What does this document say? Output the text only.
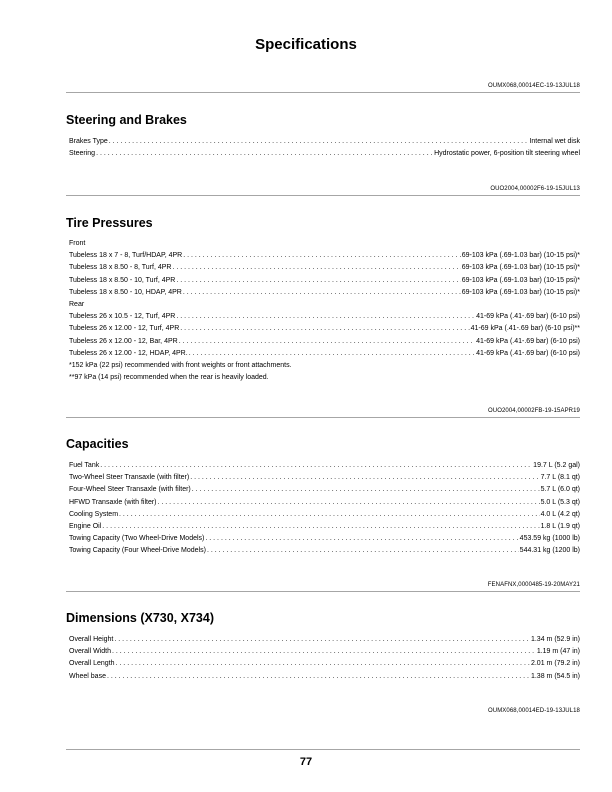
Specifications
OUMX068,00014EC-19-13JUL18
Steering and Brakes
Brakes Type . . .	Internal wet disk
Steering . . .	Hydrostatic power, 6-position tilt steering wheel
OUO2004,00002F6-19-15JUL13
Tire Pressures
Front
Tubeless 18 x 7 - 8, Turf/HDAP, 4PR . . .	69-103 kPa (.69-1.03 bar) (10-15 psi)*
Tubeless 18 x 8.50 - 8, Turf, 4PR . . .	69-103 kPa (.69-1.03 bar) (10-15 psi)*
Tubeless 18 x 8.50 - 10, Turf, 4PR . . .	69-103 kPa (.69-1.03 bar) (10-15 psi)*
Tubeless 18 x 8.50 - 10, HDAP, 4PR . . .	69-103 kPa (.69-1.03 bar) (10-15 psi)*
Rear
Tubeless 26 x 10.5 - 12, Turf, 4PR . . .	41-69 kPa (.41-.69 bar) (6-10 psi)
Tubeless 26 x 12.00 - 12, Turf, 4PR . . .	41-69 kPa (.41-.69 bar) (6-10 psi)**
Tubeless 26 x 12.00 - 12, Bar, 4PR . . .	41-69 kPa (.41-.69 bar) (6-10 psi)
Tubeless 26 x 12.00 - 12, HDAP, 4PR. . . .	41-69 kPa (.41-.69 bar) (6-10 psi)
*152 kPa (22 psi) recommended with front weights or front attachments.
**97 kPa (14 psi) recommended when the rear is heavily loaded.
OUO2004,00002FB-19-15APR19
Capacities
Fuel Tank . . .	19.7 L (5.2 gal)
Two-Wheel Steer Transaxle (with filter) . . .	7.7 L (8.1 qt)
Four-Wheel Steer Transaxle (with filter) . . .	5.7 L (6.0 qt)
HFWD Transaxle (with filter) . . .	5.0 L (5.3 qt)
Cooling System . . .	4.0 L (4.2 qt)
Engine Oil . . .	1.8 L (1.9 qt)
Towing Capacity (Two Wheel-Drive Models) . . .	453.59 kg (1000 lb)
Towing Capacity (Four Wheel-Drive Models) . . .	544.31 kg (1200 lb)
FENAFNX,0000485-19-20MAY21
Dimensions (X730, X734)
Overall Height . . .	1.34 m (52.9 in)
Overall Width . . .	1.19 m (47 in)
Overall Length . . .	2.01 m (79.2 in)
Wheel base . . .	1.38 m (54.5 in)
OUMX068,00014ED-19-13JUL18
77
